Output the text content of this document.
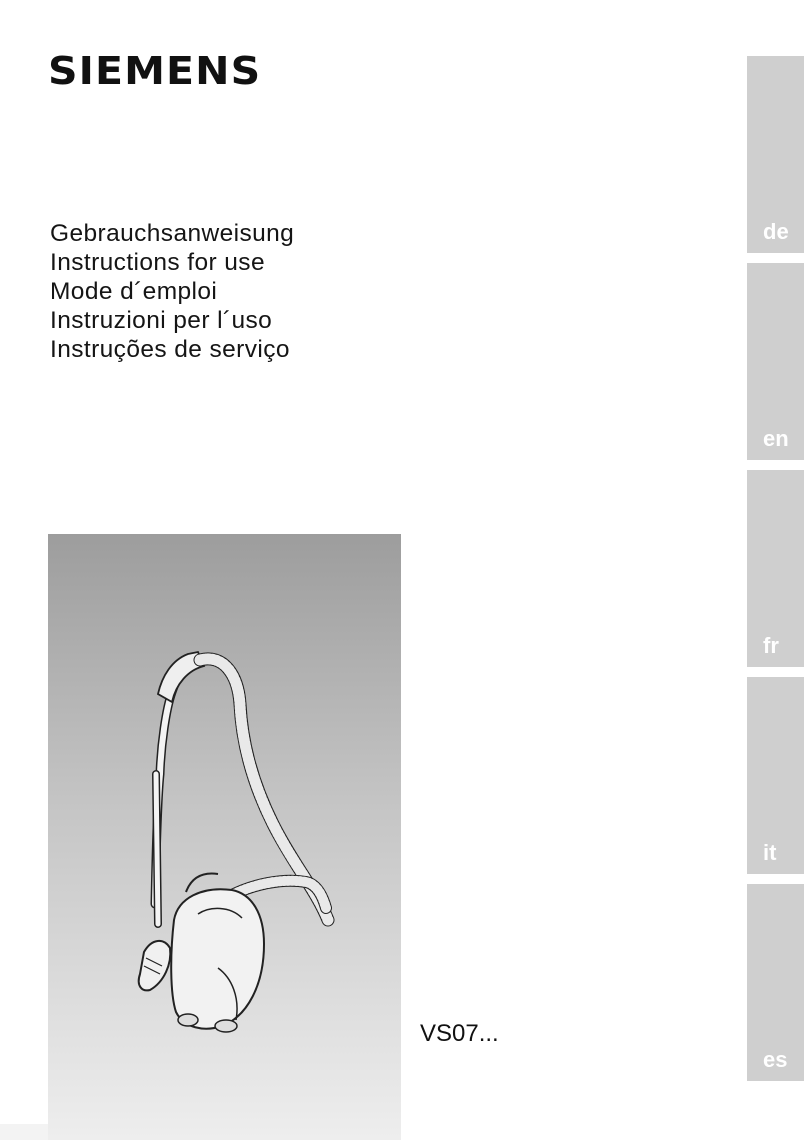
SIEMENS
Gebrauchsanweisung
Instructions for use
Mode d´emploi
Instruzioni per l´uso
Instruções de serviço
VS07...
de
en
fr
it
es
